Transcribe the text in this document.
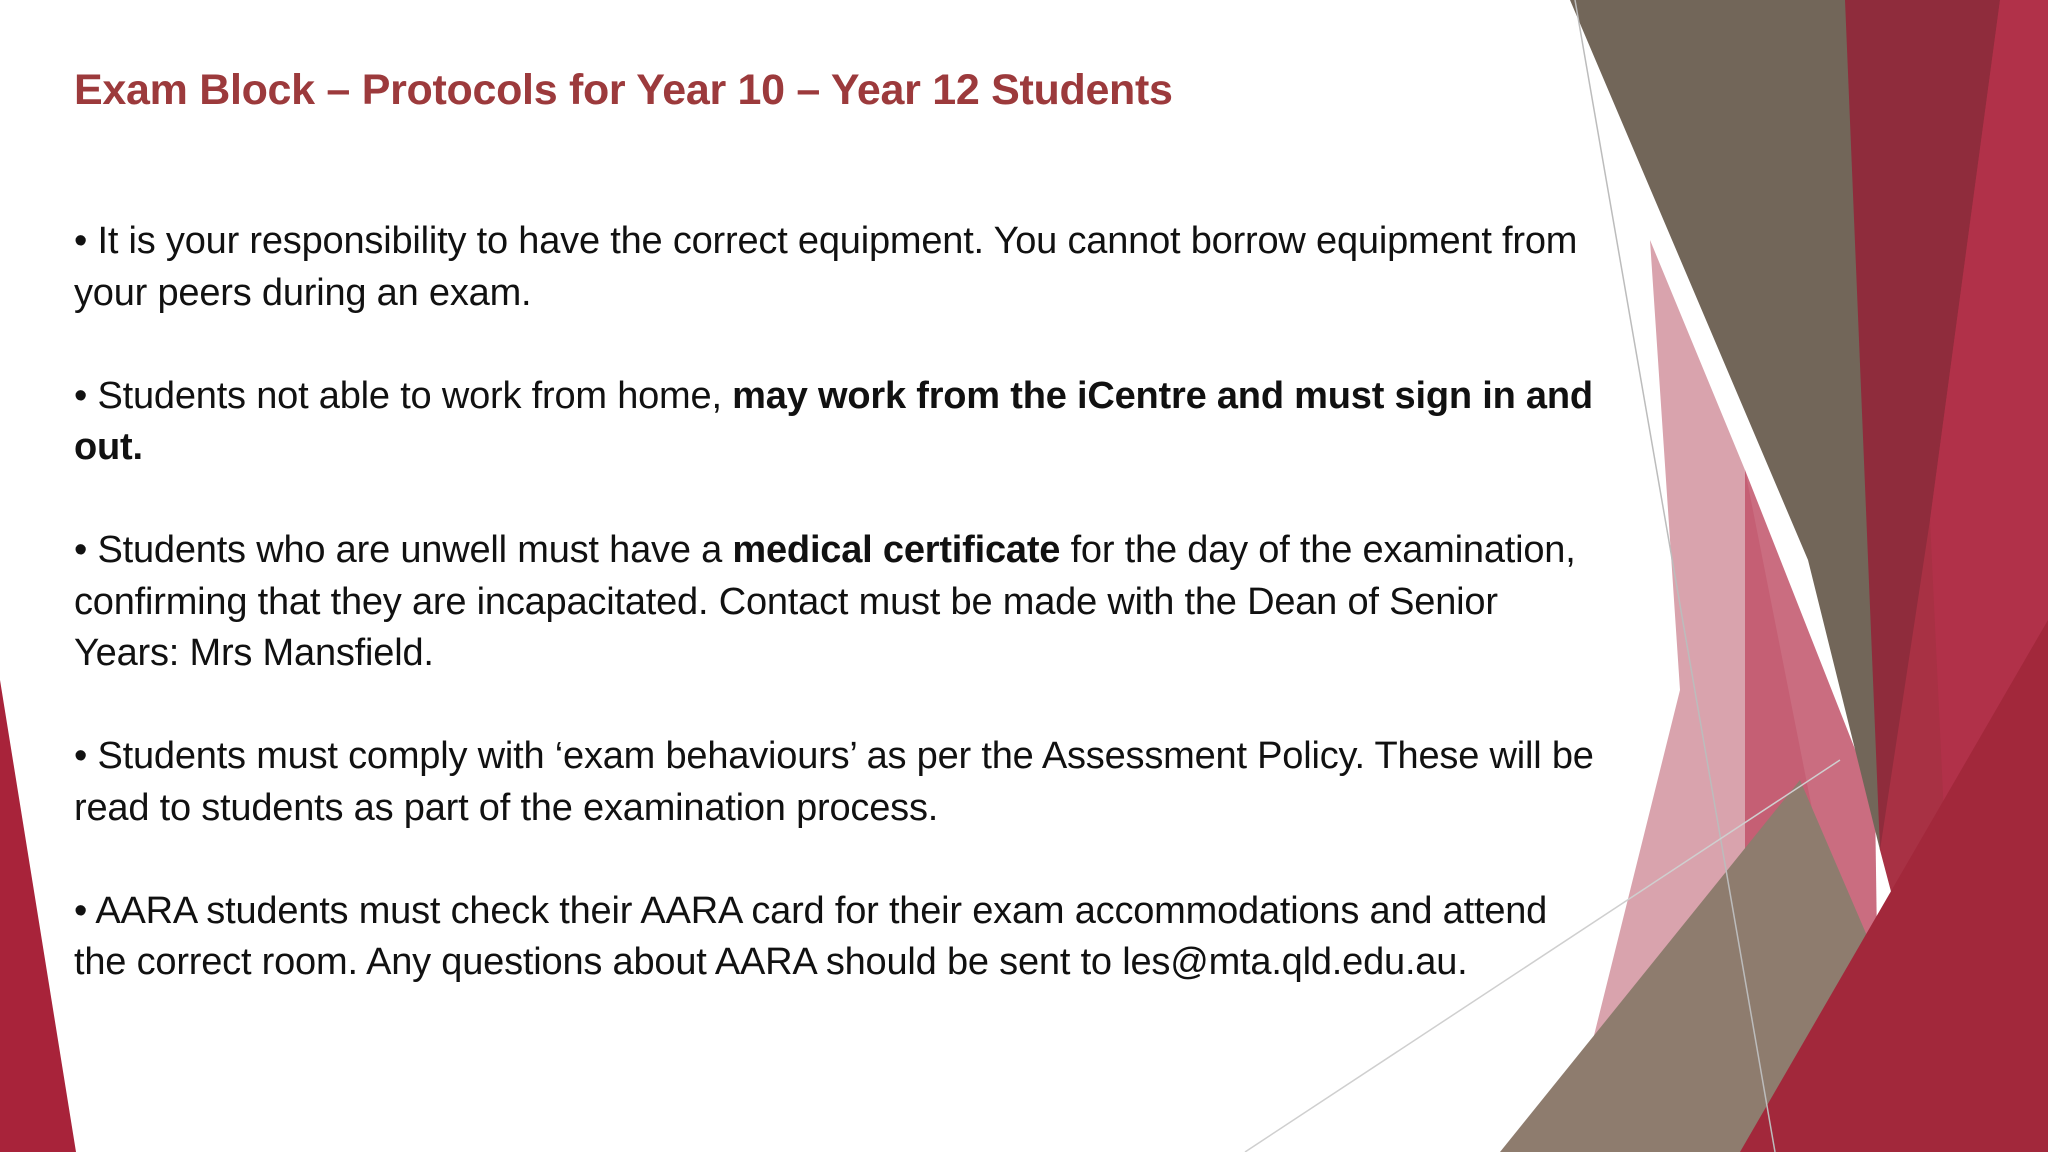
Exam Block – Protocols for Year 10 – Year 12 Students

• It is your responsibility to have the correct equipment. You cannot borrow equipment from your peers during an exam.

• Students not able to work from home, may work from the iCentre and must sign in and out.

• Students who are unwell must have a medical certificate for the day of the examination, confirming that they are incapacitated. Contact must be made with the Dean of Senior Years: Mrs Mansfield.

• Students must comply with ‘exam behaviours’ as per the Assessment Policy. These will be read to students as part of the examination process.

• AARA students must check their AARA card for their exam accommodations and attend the correct room. Any questions about AARA should be sent to les@mta.qld.edu.au.
